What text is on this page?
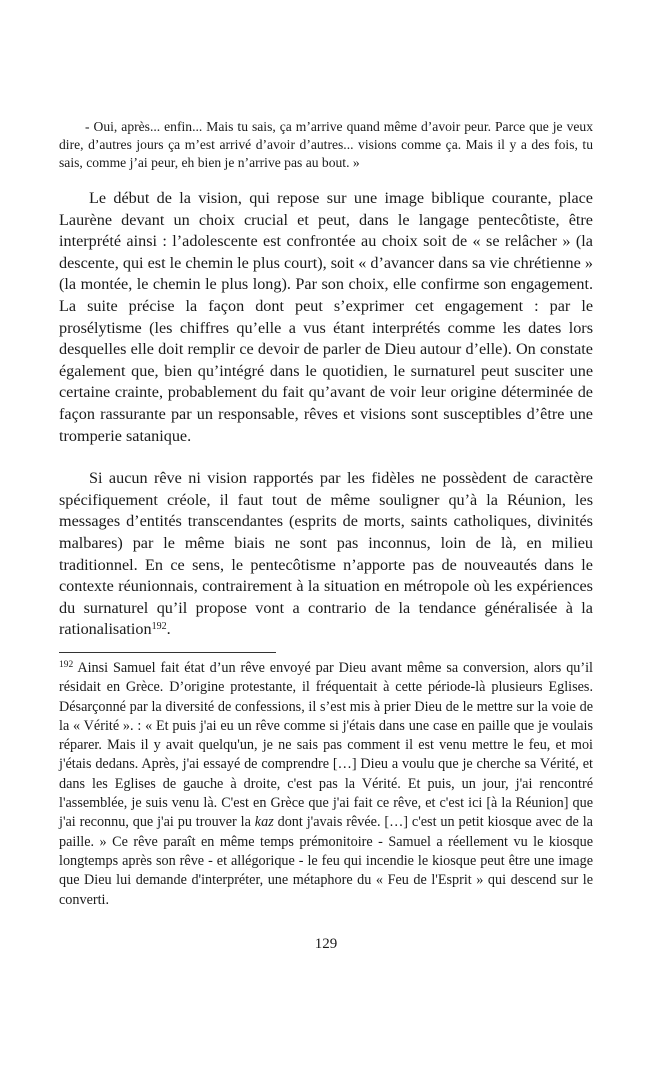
- Oui, après... enfin... Mais tu sais, ça m’arrive quand même d’avoir peur. Parce que je veux dire, d’autres jours ça m’est arrivé d’avoir d’autres... visions comme ça. Mais il y a des fois, tu sais, comme j’ai peur, eh bien je n’arrive pas au bout. »

Le début de la vision, qui repose sur une image biblique courante, place Laurène devant un choix crucial et peut, dans le langage pentecôtiste, être interprété ainsi : l’adolescente est confrontée au choix soit de « se relâcher » (la descente, qui est le chemin le plus court), soit « d’avancer dans sa vie chrétienne » (la montée, le chemin le plus long). Par son choix, elle confirme son engagement. La suite précise la façon dont peut s’exprimer cet engagement : par le prosélytisme (les chiffres qu’elle a vus étant interprétés comme les dates lors desquelles elle doit remplir ce devoir de parler de Dieu autour d’elle). On constate également que, bien qu’intégré dans le quotidien, le surnaturel peut susciter une certaine crainte, probablement du fait qu’avant de voir leur origine déterminée de façon rassurante par un responsable, rêves et visions sont susceptibles d’être une tromperie satanique.

Si aucun rêve ni vision rapportés par les fidèles ne possèdent de caractère spécifiquement créole, il faut tout de même souligner qu’à la Réunion, les messages d’entités transcendantes (esprits de morts, saints catholiques, divinités malbares) par le même biais ne sont pas inconnus, loin de là, en milieu traditionnel. En ce sens, le pentecôtisme n’apporte pas de nouveautés dans le contexte réunionnais, contrairement à la situation en métropole où les expériences du surnaturel qu’il propose vont a contrario de la tendance généralisée à la rationalisation$^{192}$.

$^{192}$ Ainsi Samuel fait état d’un rêve envoyé par Dieu avant même sa conversion, alors qu’il résidait en Grèce. D’origine protestante, il fréquentait à cette période-là plusieurs Eglises. Désarçonné par la diversité de confessions, il s’est mis à prier Dieu de le mettre sur la voie de la « Vérité ». : « Et puis j'ai eu un rêve comme si j'étais dans une case en paille que je voulais réparer. Mais il y avait quelqu'un, je ne sais pas comment il est venu mettre le feu, et moi j'étais dedans. Après, j'ai essayé de comprendre […] Dieu a voulu que je cherche sa Vérité, et dans les Eglises de gauche à droite, c'est pas la Vérité. Et puis, un jour, j'ai rencontré l'assemblée, je suis venu là. C'est en Grèce que j'ai fait ce rêve, et c'est ici [à la Réunion] que j'ai reconnu, que j'ai pu trouver la kaz dont j'avais rêvée. […] c'est un petit kiosque avec de la paille. » Ce rêve paraît en même temps prémonitoire - Samuel a réellement vu le kiosque longtemps après son rêve - et allégorique - le feu qui incendie le kiosque peut être une image que Dieu lui demande d'interpréter, une métaphore du « Feu de l'Esprit » qui descend sur le converti.

129
